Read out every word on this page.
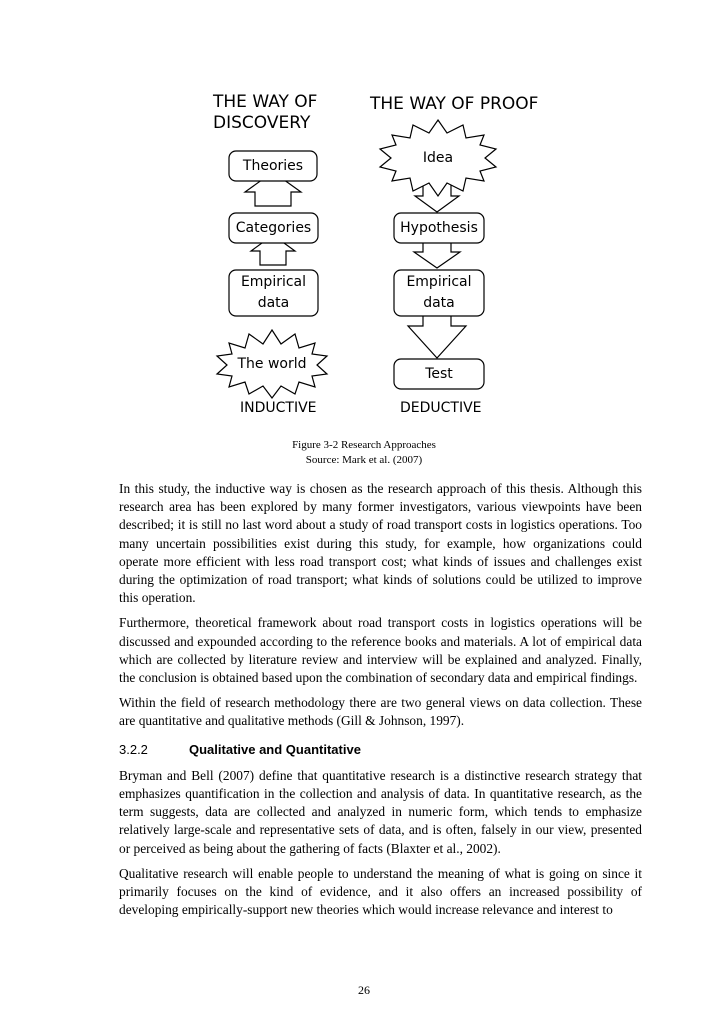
THE WAY OF
DISCOVERY
THE WAY OF PROOF
Theories
Categories
Empirical
data
The world
Idea
Hypothesis
Empirical
data
Test
INDUCTIVE	DEDUCTIVE
Figure 3-2 Research Approaches
Source: Mark et al. (2007)

In this study, the inductive way is chosen as the research approach of this thesis. Although this research area has been explored by many former investigators, various viewpoints have been described; it is still no last word about a study of road transport costs in logistics operations. Too many uncertain possibilities exist during this study, for example, how organizations could operate more efficient with less road transport cost; what kinds of issues and challenges exist during the optimization of road transport; what kinds of solutions could be utilized to improve this operation.

Furthermore, theoretical framework about road transport costs in logistics operations will be discussed and expounded according to the reference books and materials. A lot of empirical data which are collected by literature review and interview will be explained and analyzed. Finally, the conclusion is obtained based upon the combination of secondary data and empirical findings.

Within the field of research methodology there are two general views on data collection. These are quantitative and qualitative methods (Gill & Johnson, 1997).

3.2.2	Qualitative and Quantitative

Bryman and Bell (2007) define that quantitative research is a distinctive research strategy that emphasizes quantification in the collection and analysis of data. In quantitative research, as the term suggests, data are collected and analyzed in numeric form, which tends to emphasize relatively large-scale and representative sets of data, and is often, falsely in our view, presented or perceived as being about the gathering of facts (Blaxter et al., 2002).

Qualitative research will enable people to understand the meaning of what is going on since it primarily focuses on the kind of evidence, and it also offers an increased possibility of developing empirically-support new theories which would increase relevance and interest to

26
